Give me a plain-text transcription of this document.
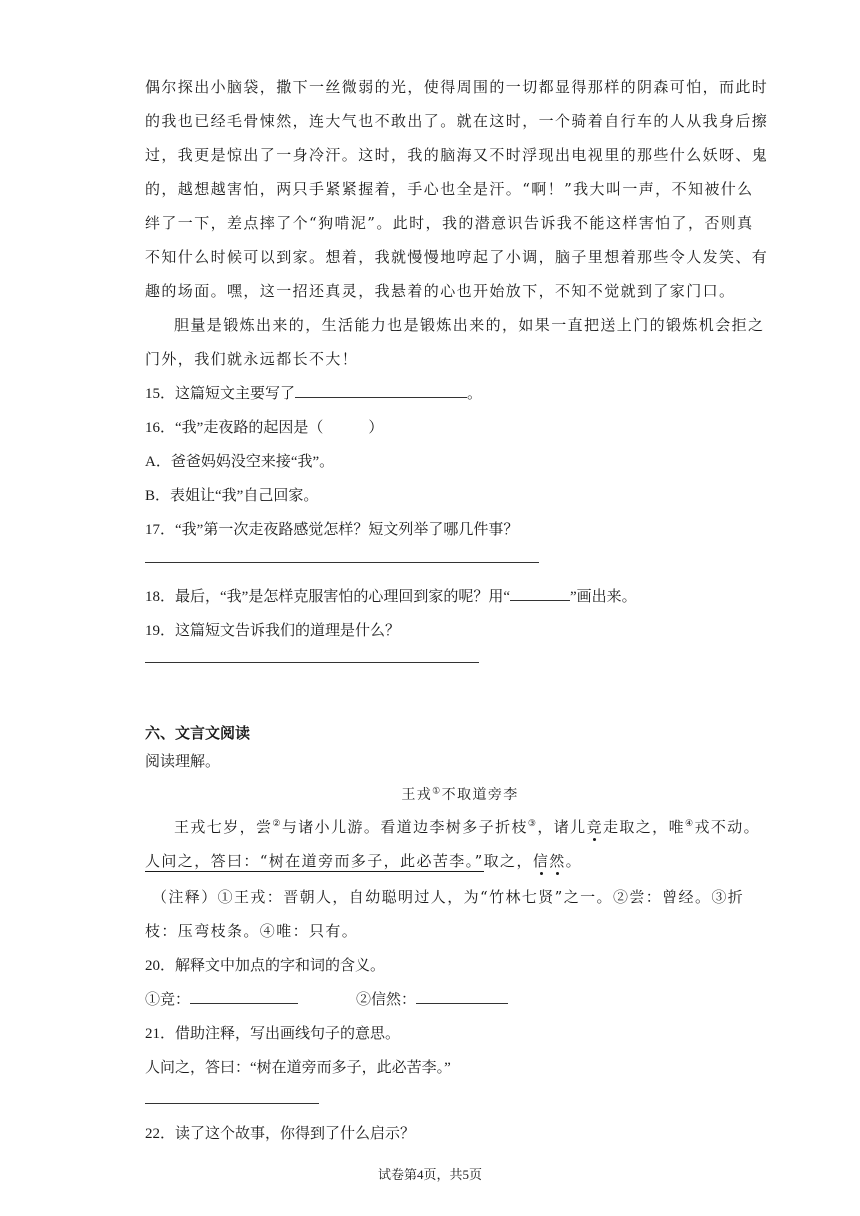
偶尔探出小脑袋，撒下一丝微弱的光，使得周围的一切都显得那样的阴森可怕，而此时
的我也已经毛骨悚然，连大气也不敢出了。就在这时，一个骑着自行车的人从我身后擦
过，我更是惊出了一身冷汗。这时，我的脑海又不时浮现出电视里的那些什么妖呀、鬼
的，越想越害怕，两只手紧紧握着，手心也全是汗。“啊！”我大叫一声，不知被什么
绊了一下，差点摔了个“狗啃泥”。此时，我的潜意识告诉我不能这样害怕了，否则真
不知什么时候可以到家。想着，我就慢慢地哼起了小调，脑子里想着那些令人发笑、有
趣的场面。嘿，这一招还真灵，我悬着的心也开始放下，不知不觉就到了家门口。
胆量是锻炼出来的，生活能力也是锻炼出来的，如果一直把送上门的锻炼机会拒之
门外，我们就永远都长不大！
15．这篇短文主要写了	。
16．“我”走夜路的起因是（　　　）
A．爸爸妈妈没空来接“我”。
B．表姐让“我”自己回家。
17．“我”第一次走夜路感觉怎样？短文列举了哪几件事？
18．最后，“我”是怎样克服害怕的心理回到家的呢？用“	”画出来。
19．这篇短文告诉我们的道理是什么？
六、文言文阅读
阅读理解。
王戎①不取道旁李
王戎七岁，尝②与诸小儿游。看道边李树多子折枝③，诸儿竞走取之，唯④戎不动。
人问之，答曰：“树在道旁而多子，此必苦李。”取之，信然。
（注释）①王戎：晋朝人，自幼聪明过人，为“竹林七贤”之一。②尝：曾经。③折
枝：压弯枝条。④唯：只有。
20．解释文中加点的字和词的含义。
①竞：	②信然：
21．借助注释，写出画线句子的意思。
人问之，答曰：“树在道旁而多子，此必苦李。”
22．读了这个故事，你得到了什么启示？
试卷第4页，共5页
